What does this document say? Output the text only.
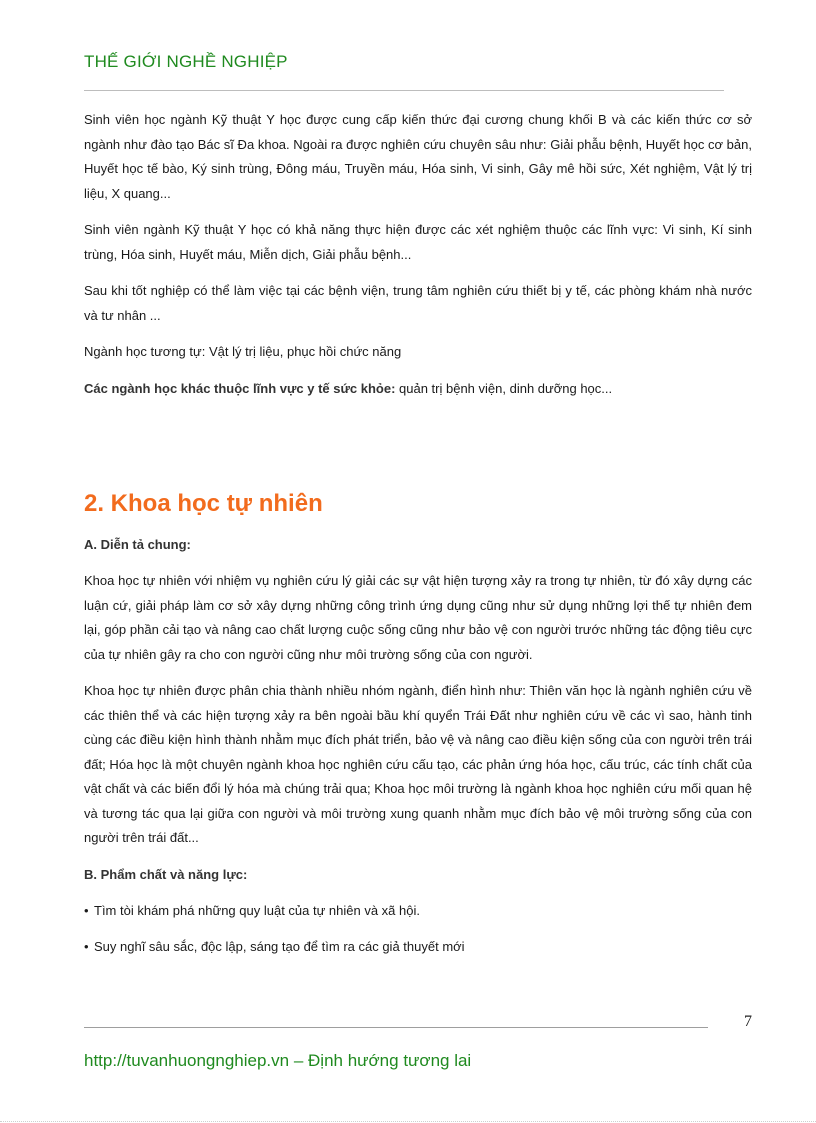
THẾ GIỚI NGHỀ NGHIỆP

Sinh viên học ngành Kỹ thuật Y học được cung cấp kiến thức đại cương chung khối B và các kiến thức cơ sở ngành như đào tạo Bác sĩ Đa khoa. Ngoài ra được nghiên cứu chuyên sâu như: Giải phẫu bệnh, Huyết học cơ bản, Huyết học tế bào, Ký sinh trùng, Đông máu, Truyền máu, Hóa sinh, Vi sinh, Gây mê hồi sức, Xét nghiệm, Vật lý trị liệu, X quang...

Sinh viên ngành Kỹ thuật Y học có khả năng thực hiện được các xét nghiệm thuộc các lĩnh vực: Vi sinh, Kí sinh trùng, Hóa sinh, Huyết máu, Miễn dịch, Giải phẫu bệnh...

Sau khi tốt nghiệp có thể làm việc tại các bệnh viện, trung tâm nghiên cứu thiết bị y tế, các phòng khám nhà nước và tư nhân ...

Ngành học tương tự: Vật lý trị liệu, phục hồi chức năng

Các ngành học khác thuộc lĩnh vực y tế sức khỏe: quản trị bệnh viện, dinh dưỡng học...

2. Khoa học tự nhiên
A. Diễn tả chung:

Khoa học tự nhiên với nhiệm vụ nghiên cứu lý giải các sự vật hiện tượng xảy ra trong tự nhiên, từ đó xây dựng các luận cứ, giải pháp làm cơ sở xây dựng những công trình ứng dụng cũng như sử dụng những lợi thế tự nhiên đem lại, góp phần cải tạo và nâng cao chất lượng cuộc sống cũng như bảo vệ con người trước những tác động tiêu cực của tự nhiên gây ra cho con người cũng như môi trường sống của con người.

Khoa học tự nhiên được phân chia thành nhiều nhóm ngành, điển hình như: Thiên văn học là ngành nghiên cứu về các thiên thể và các hiện tượng xảy ra bên ngoài bầu khí quyển Trái Đất như nghiên cứu về các vì sao, hành tinh cùng các điều kiện hình thành nhằm mục đích phát triển, bảo vệ và nâng cao điều kiện sống của con người trên trái đất; Hóa học là một chuyên ngành khoa học nghiên cứu cấu tạo, các phản ứng hóa học, cấu trúc, các tính chất của vật chất và các biến đổi lý hóa mà chúng trải qua; Khoa học môi trường là ngành khoa học nghiên cứu mối quan hệ và tương tác qua lại giữa con người và môi trường xung quanh nhằm mục đích bảo vệ môi trường sống của con người trên trái đất...

B. Phẩm chất và năng lực:
• Tìm tòi khám phá những quy luật của tự nhiên và xã hội.
• Suy nghĩ sâu sắc, độc lập, sáng tạo để tìm ra các giả thuyết mới
7
http://tuvanhuongnghiep.vn – Định hướng tương lai
